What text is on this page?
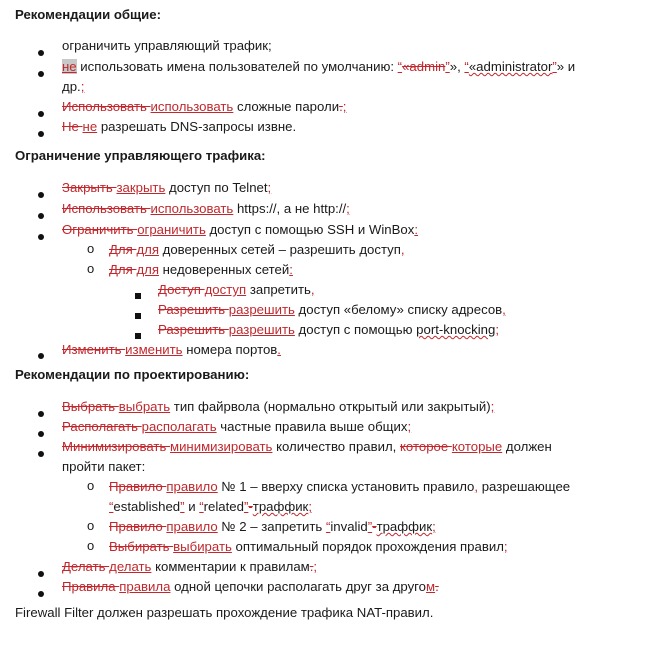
Рекомендации общие:
ограничить управляющий трафик;
не использовать имена пользователей по умолчанию: “«admin”», “«administrator”» и
др.;
Использовать использовать сложные пароли.;
Не не разрешать DNS-запросы извне.
Ограничение управляющего трафика:
Закрыть закрыть доступ по Telnet;
Использовать использовать https://, а не http://;
Ограничить ограничить доступ с помощью SSH и WinBox:
o Для для доверенных сетей – разрешить доступ,
o Для для недоверенных сетей:
Доступ доступ запретить,
Разрешить разрешить доступ «белому» списку адресов,
Разрешить разрешить доступ с помощью port-knocking;
Изменить изменить номера портов.
Рекомендации по проектированию:
Выбрать выбрать тип файрвола (нормально открытый или закрытый);
Располагать располагать частные правила выше общих;
Минимизировать минимизировать количество правил, которое которые должен
пройти пакет:
o Правило правило № 1 – вверху списка установить правило, разрешающее
“established” и “related”-траффик;
o Правило правило № 2 – запретить “invalid”-траффик;
o Выбирать выбирать оптимальный порядок прохождения правил;
Делать делать комментарии к правилам.;
Правила правила одной цепочки располагать друг за другом.
Firewall Filter должен разрешать прохождение трафика NAT-правил.
